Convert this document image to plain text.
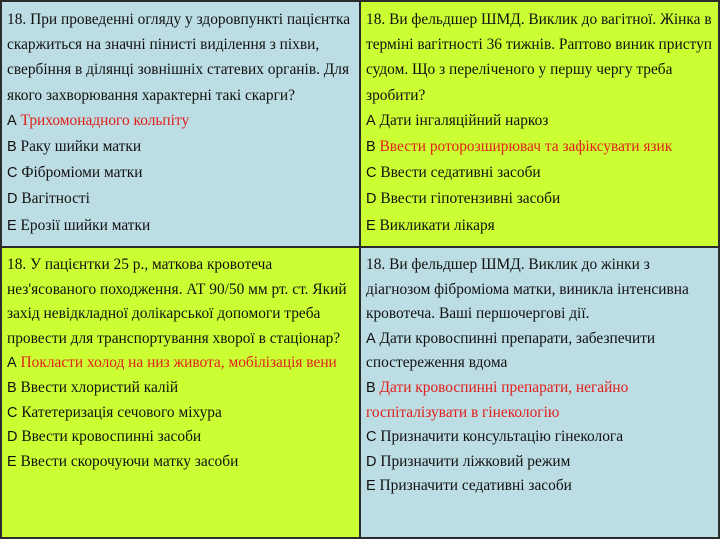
18. При проведенні огляду у здоровпункті пацієнтка скаржиться на значні пінисті виділення з піхви, свербіння в ділянці зовнішніх статевих органів. Для якого захворювання характерні такі скарги?
A Трихомонадного кольпіту
B Раку шийки матки
C Фіброміоми матки
D Вагітності
E Ерозії шийки матки
18. Ви фельдшер ШМД. Виклик до вагітної. Жінка в терміні вагітності 36 тижнів. Раптово виник приступ судом. Що з переліченого у першу чергу треба зробити?
A Дати інгаляційний наркоз
B Ввести роторозширювач та зафіксувати язик
C Ввести седативні засоби
D Ввести гіпотензивні засоби
E Викликати лікаря
18. У пацієнтки 25 р., маткова кровотеча нез'ясованого походження. АТ 90/50 мм рт. ст. Який захід невідкладної долікарської допомоги треба провести для транспортування хворої в стаціонар?
A Покласти холод на низ живота, мобілізація вени
B Ввести хлористий калій
C Катетеризація сечового міхура
D Ввести кровоспинні засоби
E Ввести скорочуючи матку засоби
18. Ви фельдшер ШМД. Виклик до жінки з діагнозом фіброміома матки, виникла інтенсивна кровотеча. Ваші першочергові дії.
A Дати кровоспинні препарати, забезпечити спостереження вдома
B Дати кровоспинні препарати, негайно госпіталізувати в гінекологію
C Призначити консультацію гінеколога
D Призначити ліжковий режим
E Призначити седативні засоби
